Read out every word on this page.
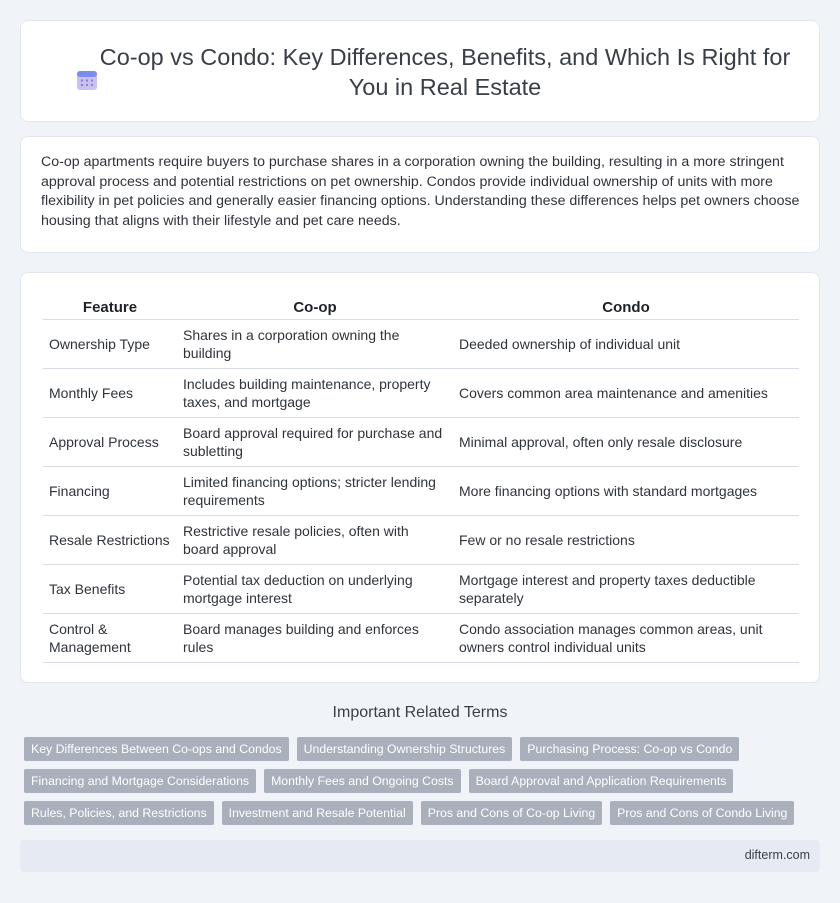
Co-op vs Condo: Key Differences, Benefits, and Which Is Right for You in Real Estate

Co-op apartments require buyers to purchase shares in a corporation owning the building, resulting in a more stringent approval process and potential restrictions on pet ownership. Condos provide individual ownership of units with more flexibility in pet policies and generally easier financing options. Understanding these differences helps pet owners choose housing that aligns with their lifestyle and pet care needs.

Feature	Co-op	Condo
Ownership Type	Shares in a corporation owning the building	Deeded ownership of individual unit
Monthly Fees	Includes building maintenance, property taxes, and mortgage	Covers common area maintenance and amenities
Approval Process	Board approval required for purchase and subletting	Minimal approval, often only resale disclosure
Financing	Limited financing options; stricter lending requirements	More financing options with standard mortgages
Resale Restrictions	Restrictive resale policies, often with board approval	Few or no resale restrictions
Tax Benefits	Potential tax deduction on underlying mortgage interest	Mortgage interest and property taxes deductible separately
Control & Management	Board manages building and enforces rules	Condo association manages common areas, unit owners control individual units
Important Related Terms
Key Differences Between Co-ops and Condos	Understanding Ownership Structures	Purchasing Process: Co-op vs Condo
Financing and Mortgage Considerations	Monthly Fees and Ongoing Costs	Board Approval and Application Requirements
Rules, Policies, and Restrictions	Investment and Resale Potential	Pros and Cons of Co-op Living	Pros and Cons of Condo Living
difterm.com
